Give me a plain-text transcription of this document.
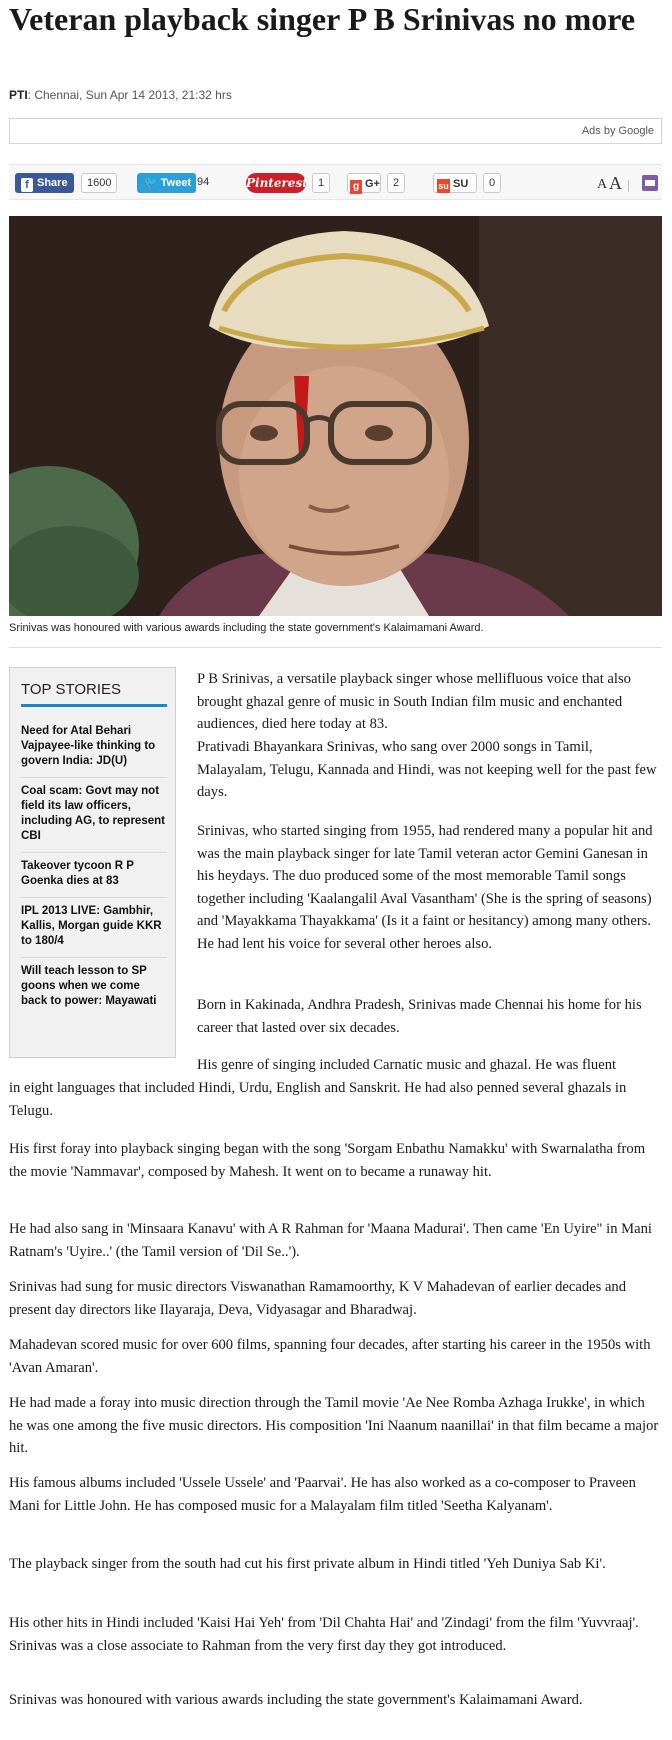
Veteran playback singer P B Srinivas no more
PTI: Chennai, Sun Apr 14 2013, 21:32 hrs
Ads by Google
f Share	1600	🐦 Tweet 94	Pinterest 1	g G+	2	su SU	0	A A |
Srinivas was honoured with various awards including the state government's Kalaimamani Award.
TOP STORIES
Need for Atal Behari Vajpayee-like thinking to govern India: JD(U)
Coal scam: Govt may not field its law officers, including AG, to represent CBI
Takeover tycoon R P Goenka dies at 83
IPL 2013 LIVE: Gambhir, Kallis, Morgan guide KKR to 180/4
Will teach lesson to SP goons when we come back to power: Mayawati

P B Srinivas, a versatile playback singer whose mellifluous voice that also brought ghazal genre of music in South Indian film music and enchanted audiences, died here today at 83.

Prativadi Bhayankara Srinivas, who sang over 2000 songs in Tamil, Malayalam, Telugu, Kannada and Hindi, was not keeping well for the past few days.

Srinivas, who started singing from 1955, had rendered many a popular hit and was the main playback singer for late Tamil veteran actor Gemini Ganesan in his heydays. The duo produced some of the most memorable Tamil songs together including 'Kaalangalil Aval Vasantham' (She is the spring of seasons) and 'Mayakkama Thayakkama' (Is it a faint or hesitancy) among many others. He had lent his voice for several other heroes also.

Born in Kakinada, Andhra Pradesh, Srinivas made Chennai his home for his career that lasted over six decades.

His genre of singing included Carnatic music and ghazal. He was fluent

in eight languages that included Hindi, Urdu, English and Sanskrit. He had also penned several ghazals in Telugu.

His first foray into playback singing began with the song 'Sorgam Enbathu Namakku' with Swarnalatha from the movie 'Nammavar', composed by Mahesh. It went on to became a runaway hit.

He had also sang in 'Minsaara Kanavu' with A R Rahman for 'Maana Madurai'. Then came 'En Uyire" in Mani Ratnam's 'Uyire..' (the Tamil version of 'Dil Se..').

Srinivas had sung for music directors Viswanathan Ramamoorthy, K V Mahadevan of earlier decades and present day directors like Ilayaraja, Deva, Vidyasagar and Bharadwaj.

Mahadevan scored music for over 600 films, spanning four decades, after starting his career in the 1950s with 'Avan Amaran'.

He had made a foray into music direction through the Tamil movie 'Ae Nee Romba Azhaga Irukke', in which he was one among the five music directors. His composition 'Ini Naanum naanillai' in that film became a major hit.

His famous albums included 'Ussele Ussele' and 'Paarvai'. He has also worked as a co-composer to Praveen Mani for Little John. He has composed music for a Malayalam film titled 'Seetha Kalyanam'.

The playback singer from the south had cut his first private album in Hindi titled 'Yeh Duniya Sab Ki'.

His other hits in Hindi included 'Kaisi Hai Yeh' from 'Dil Chahta Hai' and 'Zindagi' from the film 'Yuvvraaj'. Srinivas was a close associate to Rahman from the very first day they got introduced.

Srinivas was honoured with various awards including the state government's Kalaimamani Award.
